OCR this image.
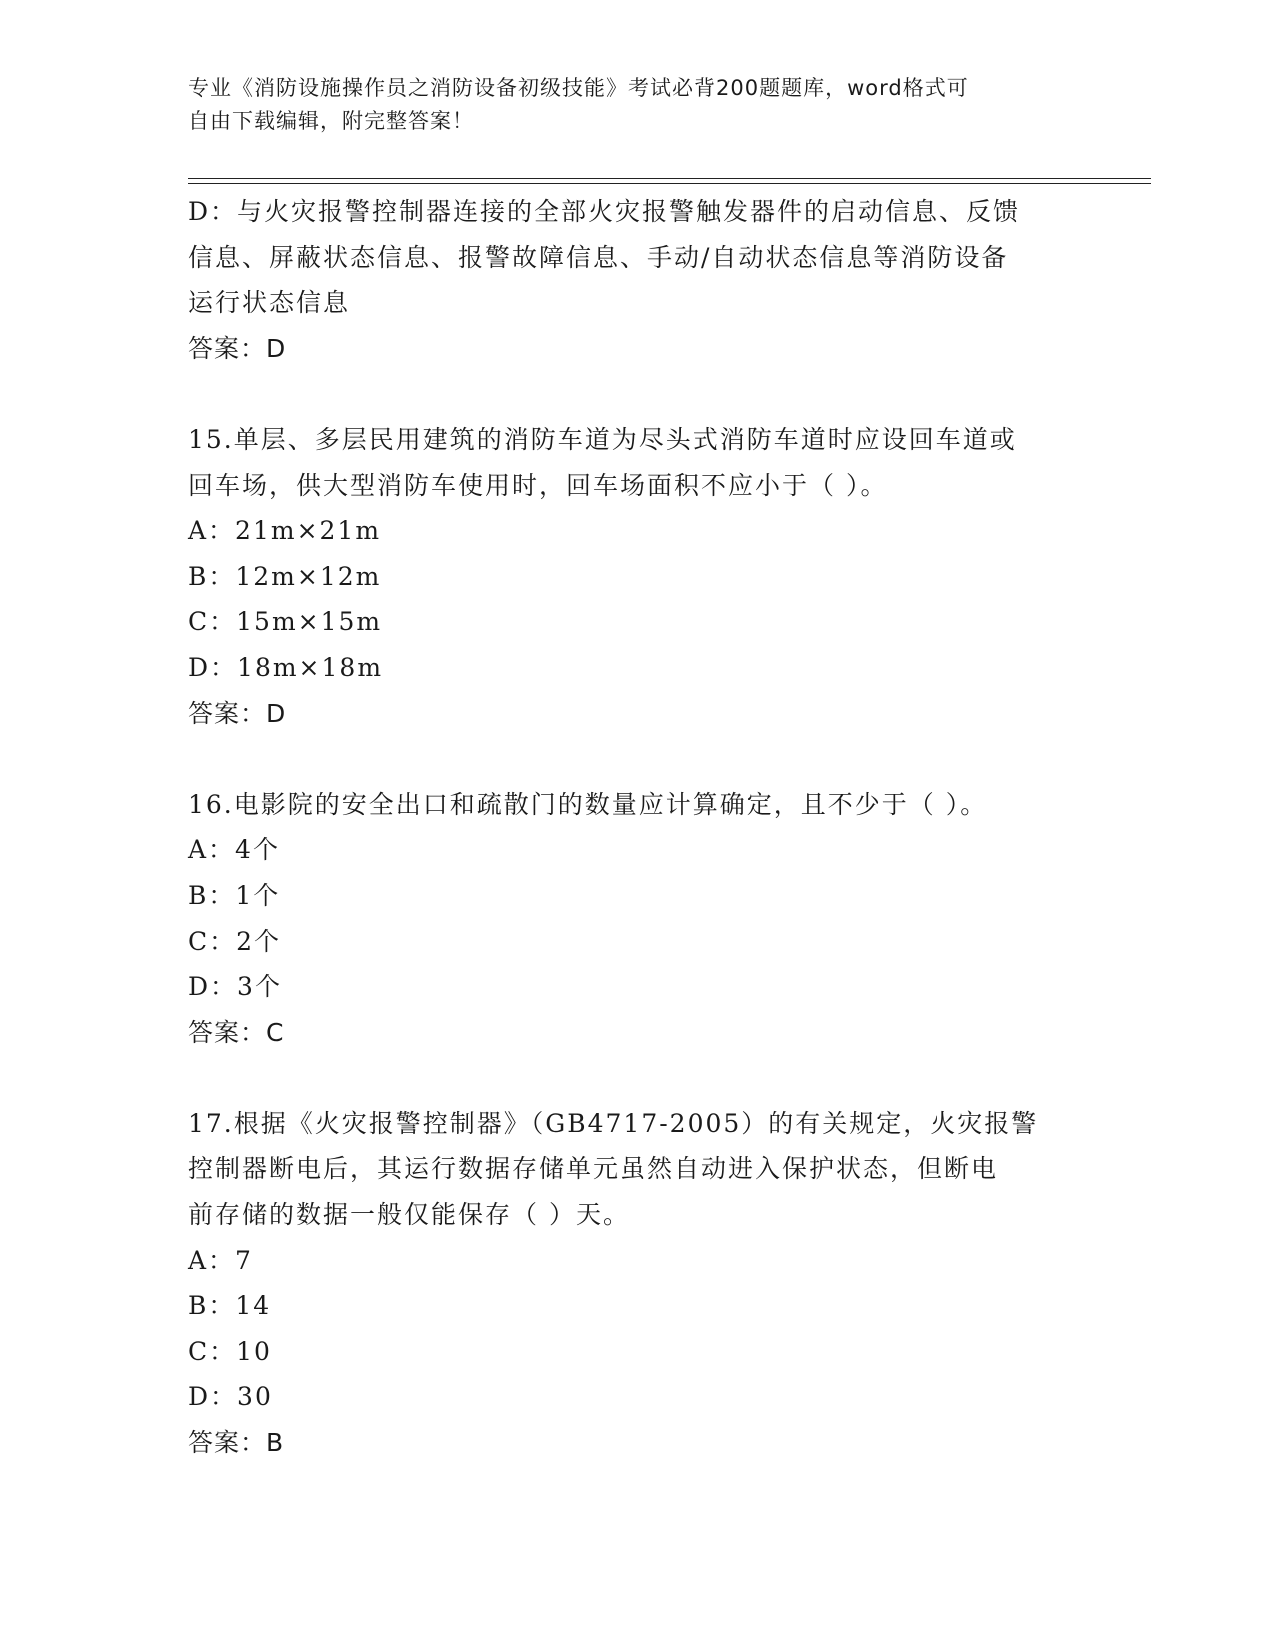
专业《消防设施操作员之消防设备初级技能》考试必背200题题库，word格式可
自由下载编辑，附完整答案！
D：与火灾报警控制器连接的全部火灾报警触发器件的启动信息、反馈
信息、屏蔽状态信息、报警故障信息、手动/自动状态信息等消防设备
运行状态信息
答案：D
15.单层、多层民用建筑的消防车道为尽头式消防车道时应设回车道或
回车场，供大型消防车使用时，回车场面积不应小于（ ）。
A：21m×21m
B：12m×12m
C：15m×15m
D：18m×18m
答案：D
16.电影院的安全出口和疏散门的数量应计算确定，且不少于（ ）。
A：4个
B：1个
C：2个
D：3个
答案：C
17.根据《火灾报警控制器》（GB4717-2005）的有关规定，火灾报警
控制器断电后，其运行数据存储单元虽然自动进入保护状态，但断电
前存储的数据一般仅能保存（ ）天。
A：7
B：14
C：10
D：30
答案：B
